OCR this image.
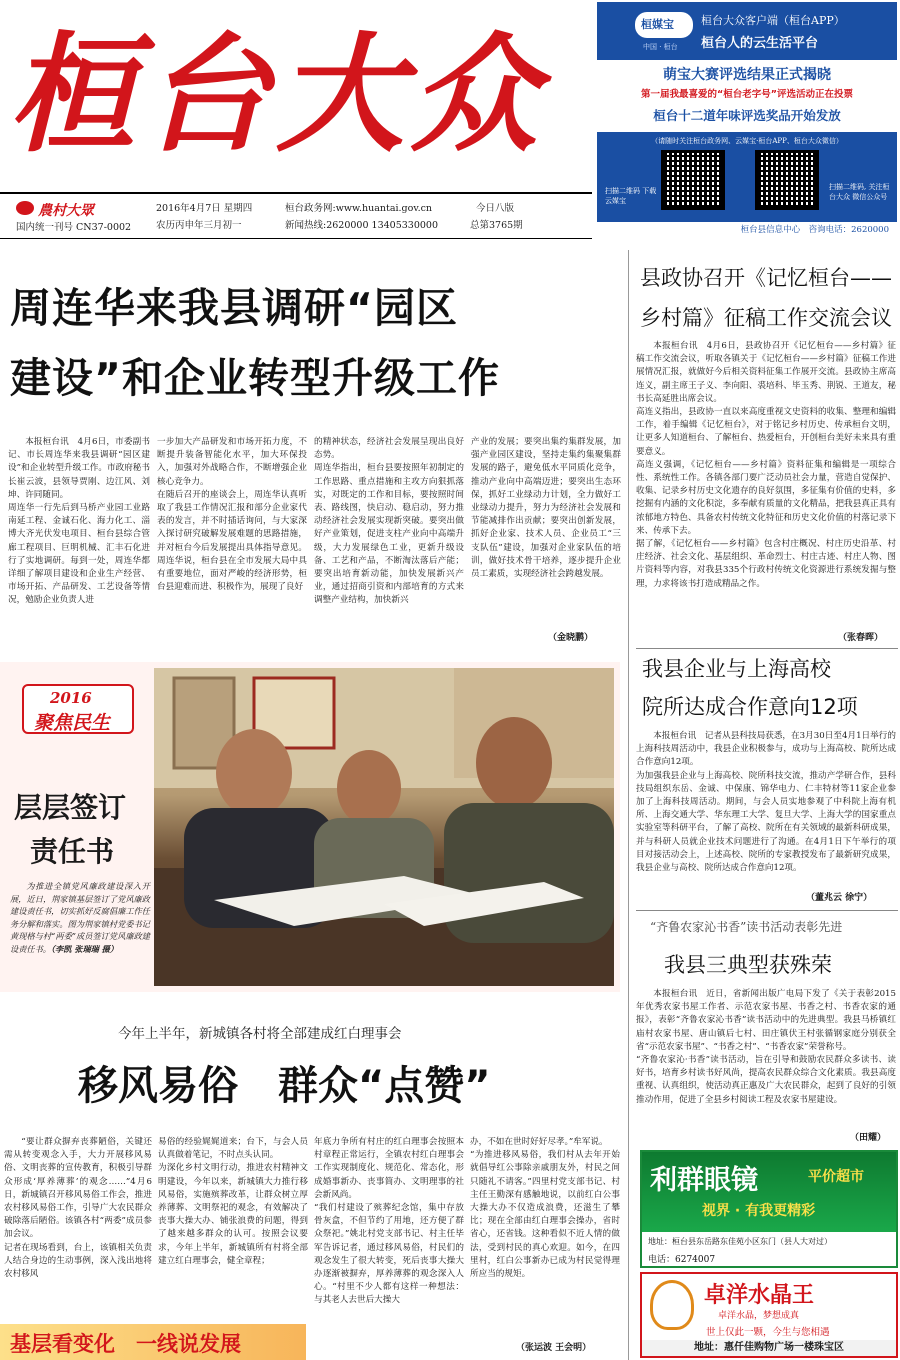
桓台大众
農村大眾
国内统一刊号 CN37-0002
2016年4月7日 星期四
农历丙申年三月初一
桓台政务网:www.huantai.gov.cn
新闻热线:2620000 13405330000
今日八版
总第3765期
桓媒宝
中国 · 桓台
桓台大众客户端（桓台APP）
桓台人的云生活平台
萌宝大赛评选结果正式揭晓
第一届我最喜爱的“桓台老字号”评选活动正在投票
桓台十二道年味评选奖品开始发放
（请随时关注桓台政务网、云媒宝·桓台APP、桓台大众微信）
扫描二维码 下载云媒宝
扫描二维码, 关注桓台大众 微信公众号
桓台县信息中心　咨询电话：2620000
周连华来我县调研“园区
建设”和企业转型升级工作
本报桓台讯　4月6日，市委副书记、市长周连华来我县调研“园区建设”和企业转型升级工作。市政府秘书长崔云波，县领导贾刚、边江风、刘坤、许同随同。
周连华一行先后到马桥产业园工业路南延工程、金诚石化、海力化工、淄博大齐光伏发电项目、桓台县综合管廊工程项目、巨明机械、汇丰石化进行了实地调研。每到一处，周连华都详细了解项目建设和企业生产经营、市场开拓、产品研发、工艺设备等情况，勉励企业负责人进
一步加大产品研发和市场开拓力度，不断提升装备智能化水平，加大环保投入，加强对外战略合作，不断增强企业核心竞争力。
在随后召开的座谈会上，周连华认真听取了我县工作情况汇报和部分企业家代表的发言，并不时插话询问，与大家深入探讨研究破解发展难题的思路措施，并对桓台今后发展提出具体指导意见。周连华说，桓台县在全市发展大局中具有重要地位，面对严峻的经济形势，桓台县迎难而进、积极作为，展现了良好
的精神状态，经济社会发展呈现出良好态势。
周连华指出，桓台县要按照年初制定的工作思路、重点措施和主攻方向狠抓落实，对既定的工作和目标，要按照时间表、路线图，快启动、稳启动，努力推动经济社会发展实现新突破。要突出做好产业策划，促进支柱产业向中高端升级，大力发展绿色工业，更新升级设备、工艺和产品，不断淘汰落后产能；要突出培育新动能，加快发展新兴产业，通过招商引资和内部培育的方式来调整产业结构，加快新兴
产业的发展；要突出集约集群发展，加强产业园区建设，坚持走集约集聚集群发展的路子，避免低水平同质化竞争，推动产业向中高端迈进；要突出生态环保，抓好工业绿动力计划，全力做好工业绿动力提升，努力为经济社会发展和节能减排作出贡献；要突出创新发展，抓好企业家、技术人员、企业员工“三支队伍”建设，加强对企业家队伍的培训，做好技术骨干培养，逐步提升企业员工素质，实现经济社会跨越发展。
（金晓鹏）
2016
聚焦民生
层层签订
责任书
为推进全镇党风廉政建设深入开展，近日，荆家镇基层签订了党风廉政建设责任书，切实抓好反腐倡廉工作任务分解和落实。图为荆家镇村党委书记黄现格与村“两委”成员签订党风廉政建设责任书。（李凯 张瑞瑞 摄）
今年上半年，新城镇各村将全部建成红白理事会
移风易俗　群众“点赞”
“要让群众摒弃丧葬陋俗，关键还需从转变观念入手，大力开展移风易俗、文明丧葬的宣传教育，积极引导群众形成‘厚养薄葬’的观念……”4月6日，新城镇召开移风易俗工作会，推进农村移风易俗工作，引导广大农民群众破除落后陋俗。该镇各村“两委”成员参加会议。
记者在现场看到，台上，该镇相关负责人结合身边的生动事例，深入浅出地将农村移风
易俗的经验娓娓道来；台下，与会人员认真做着笔记，不时点头认同。
为深化乡村文明行动，推进农村精神文明建设，今年以来，新城镇大力推行移风易俗，实施殡葬改革，让群众树立厚养薄葬、文明祭祀的观念，有效解决了丧事大操大办、铺张浪费的问题，得到了越来越多群众的认可。按照会议要求，今年上半年，新城镇所有村将全部建立红白理事会，健全章程；
年底力争所有村庄的红白理事会按照本村章程正常运行，全镇农村红白理事会工作实现制度化、规范化、常态化，形成婚事新办、丧事简办、文明理事的社会新风尚。
“我们村建设了殡葬纪念馆，集中存放骨灰盒，不但节约了用地，还方便了群众祭祀。”姚北村党支部书记、村主任毕军告诉记者，通过移风易俗，村民们的观念发生了很大转变，死后丧事大操大办逐渐被摒弃，厚养薄葬的观念深入人心。“村里不少人都有这样一种想法：与其老人去世后大操大
办，不如在世时好好尽孝。”牟军说。
“为推进移风易俗，我们村从去年开始就倡导红公事除亲戚朋友外，村民之间只随礼不请客。”四里村党支部书记、村主任王勤深有感触地说，以前红白公事大操大办不仅造成浪费，还滋生了攀比；现在全部由红白理事会操办，省时省心，还省钱。这种看似不近人情的做法，受到村民的真心欢迎。如今，在四里村，红白公事新办已成为村民觉得理所应当的规矩。
（张运波 王会明）
基层看变化　一线说发展
县政协召开《记忆桓台——
乡村篇》征稿工作交流会议
本报桓台讯　4月6日，县政协召开《记忆桓台——乡村篇》征稿工作交流会议，听取各镇关于《记忆桓台——乡村篇》征稿工作进展情况汇报，就做好今后相关资料征集工作展开交流。县政协主席高连义，副主席王子义、李向阳、裘培科、毕玉秀、荆锐、王道友，秘书长高延胜出席会议。
高连义指出，县政协一直以来高度重视文史资料的收集、整理和编辑工作，着手编辑《记忆桓台》，对于铭记乡村历史、传承桓台文明，让更多人知道桓台、了解桓台、热爱桓台，开创桓台美好未来具有重要意义。
高连义强调，《记忆桓台——乡村篇》资料征集和编辑是一项综合性、系统性工作。各镇各部门要广泛动员社会力量，营造自觉保护、收集、记录乡村历史文化遗存的良好氛围，多征集有价值的史料，多挖掘有内涵的文化积淀，多奉献有质量的文化精品，把我县真正具有浓郁地方特色、具备农村传统文化特征和历史文化价值的村落记录下来、传承下去。
据了解，《记忆桓台——乡村篇》包含村庄概况、村庄历史沿革、村庄经济、社会文化、基层组织、革命烈士、村庄古迹、村庄人物、图片资料等内容，对我县335个行政村传统文化资源进行系统发掘与整理，力求将该书打造成精品之作。
（张春晖）
我县企业与上海高校
院所达成合作意向12项
本报桓台讯　记者从县科技局获悉，在3月30日至4月1日举行的上海科技周活动中，我县企业积极参与，成功与上海高校、院所达成合作意向12项。
为加强我县企业与上海高校、院所科技交流，推动产学研合作，县科技局组织东岳、金诚、中保康、锦华电力、仁丰特材等11家企业参加了上海科技周活动。期间，与会人员实地参观了中科院上海有机所、上海交通大学、华东理工大学、复旦大学、上海大学的国家重点实验室等科研平台，了解了高校、院所在有关领域的最新科研成果，并与科研人员就企业技术问题进行了沟通。在4月1日下午举行的项目对接活动会上，上述高校、院所的专家教授发布了最新研究成果，我县企业与高校、院所达成合作意向12项。
（董兆云 徐宁）
“齐鲁农家沁书香”读书活动表彰先进
我县三典型获殊荣
本报桓台讯　近日，省新闻出版广电局下发了《关于表彰2015年优秀农家书屋工作者、示范农家书屋、书香之村、书香农家的通报》，表彰“齐鲁农家沁书香”读书活动中的先进典型。我县马桥镇红庙村农家书屋、唐山镇后七村、田庄镇伏王村张循钢家庭分别获全省“示范农家书屋”、“书香之村”、“书香农家”荣誉称号。
“齐鲁农家沁·书香”读书活动，旨在引导和鼓励农民群众多读书、读好书，培育乡村读书好风尚，提高农民群众综合文化素质。我县高度重视、认真组织，使活动真正惠及广大农民群众，起到了良好的引领推动作用，促进了全县乡村阅读工程及农家书屋建设。
（田耀）
利群眼镜	平价超市
视界 · 有我更精彩
地址：桓台县东岳路东佳苑小区东门（县人大对过）
电话：6274007
卓洋水晶王
卓洋水晶，梦想成真
世上仅此一颗，今生与您相遇
地址：惠仟佳购物广场一楼珠宝区
